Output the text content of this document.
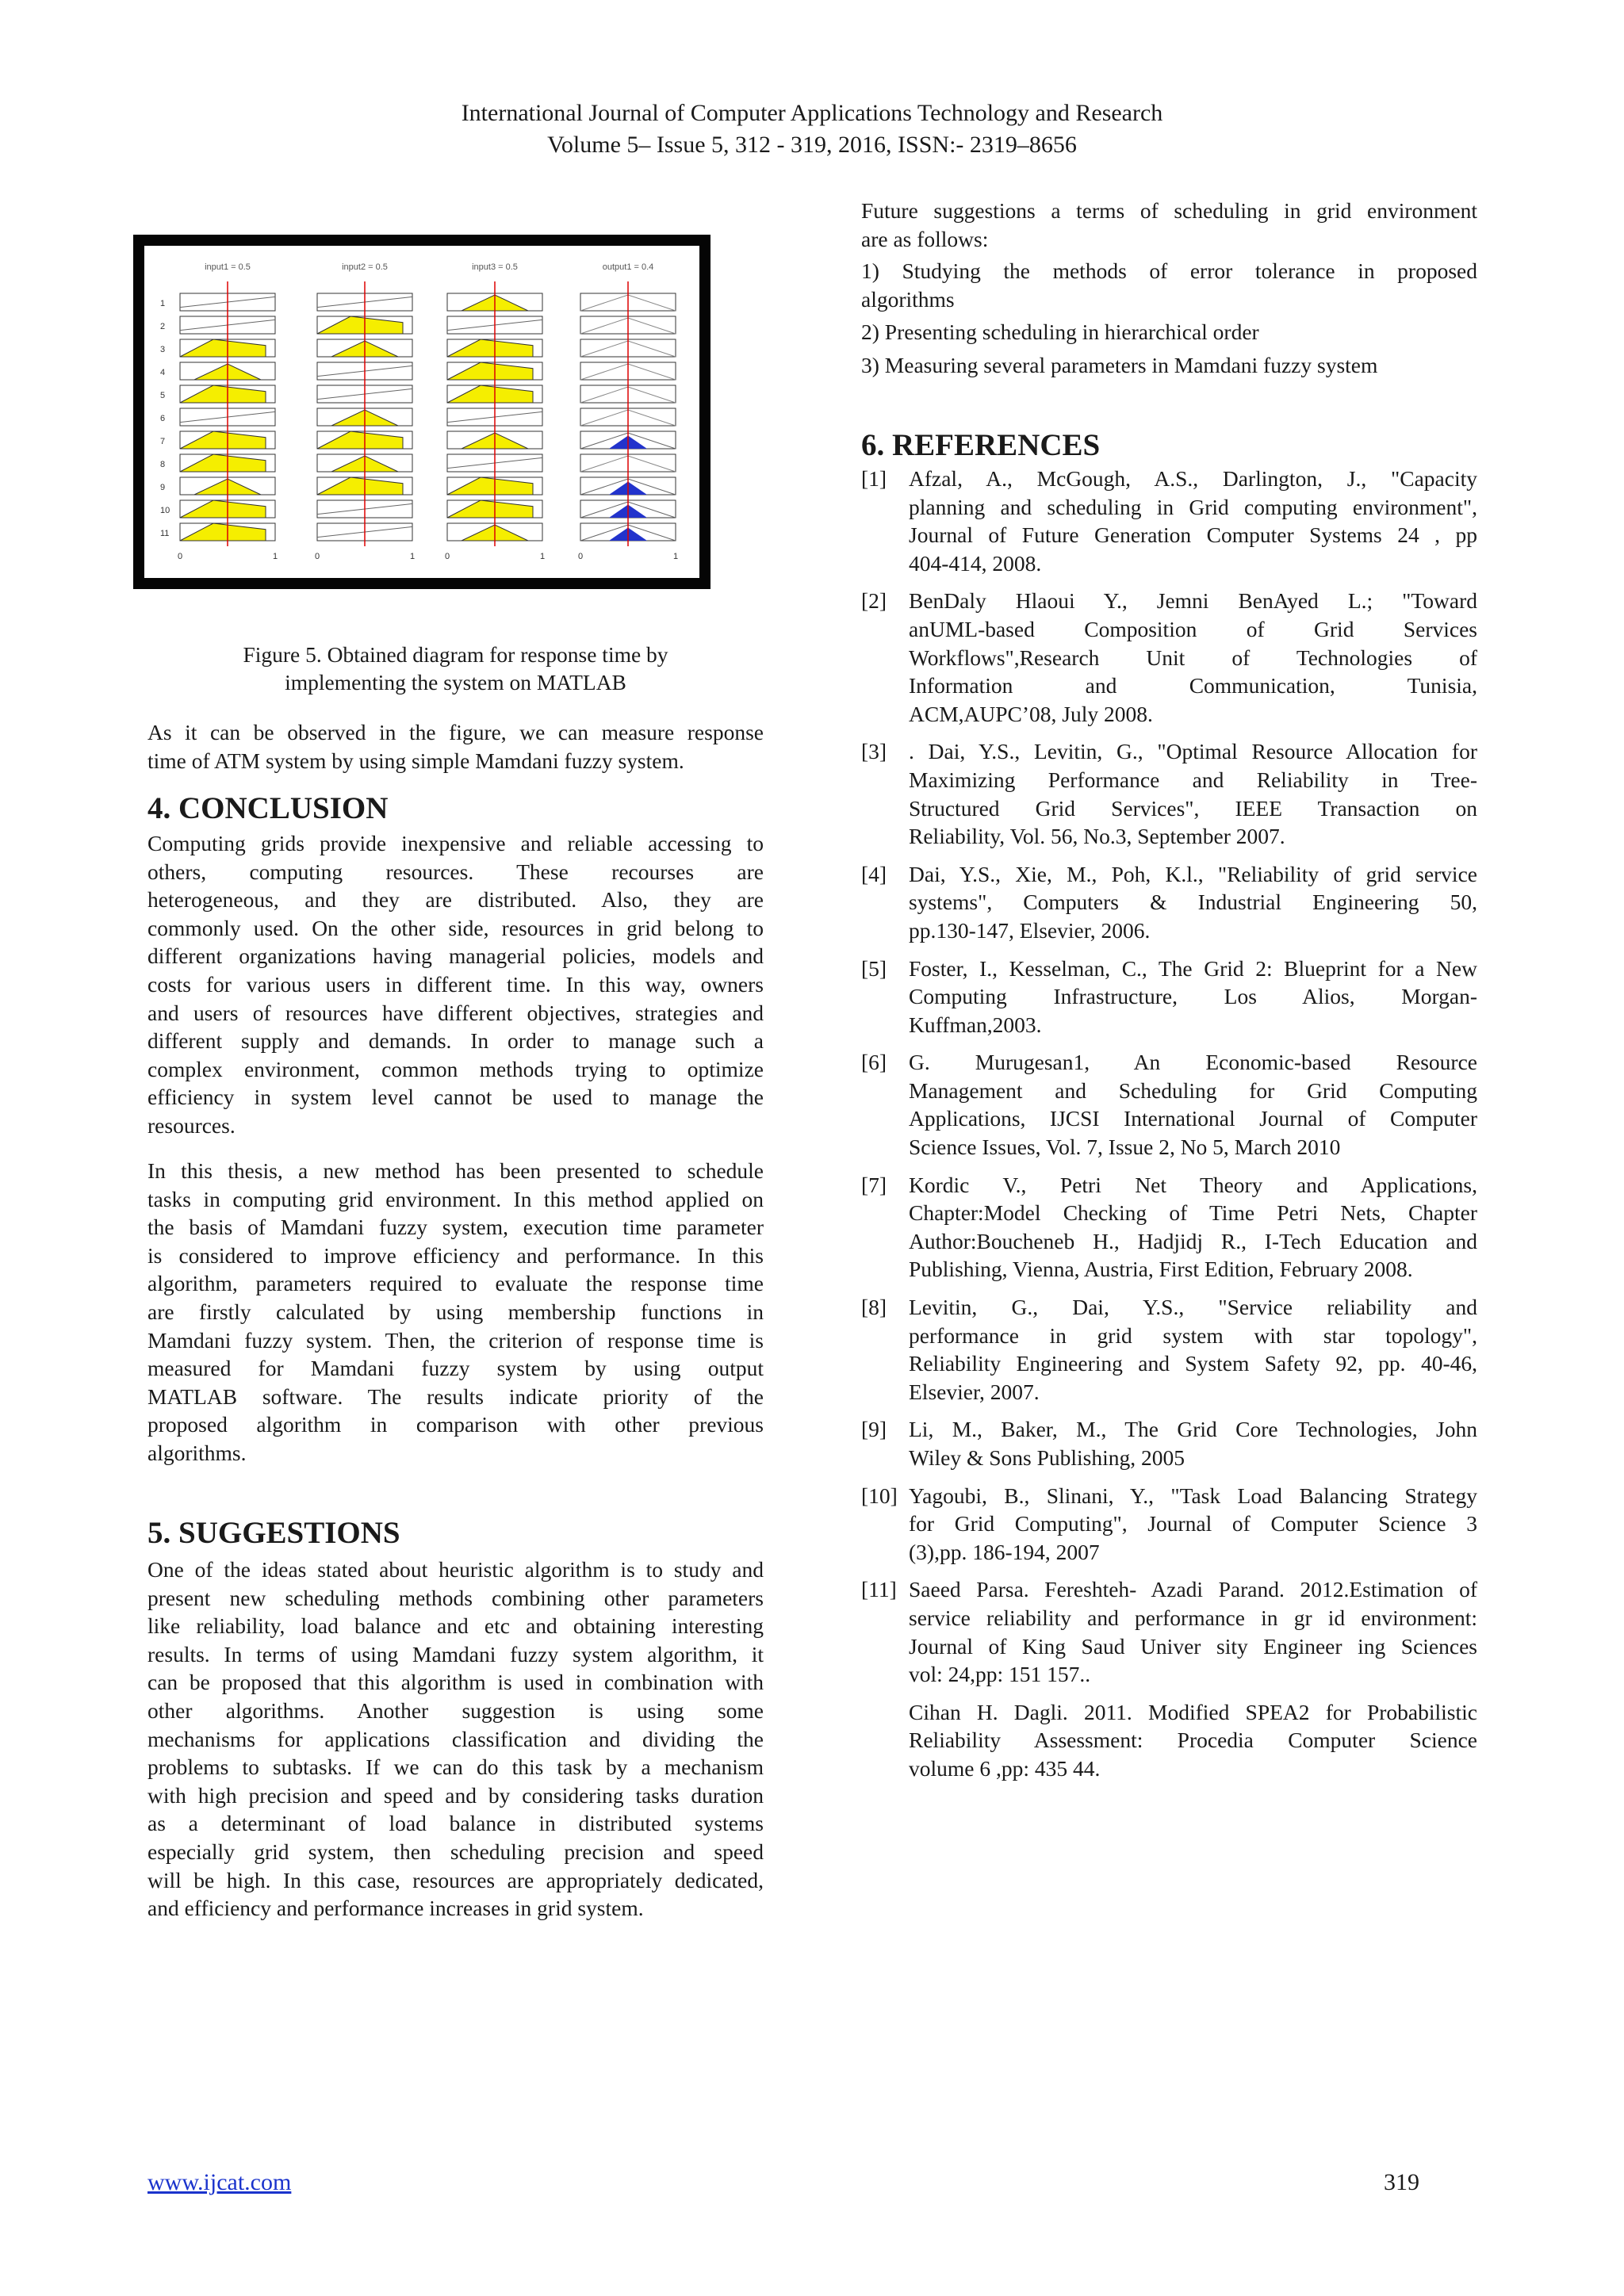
International Journal of Computer Applications Technology and Research
Volume 5– Issue 5, 312 - 319, 2016, ISSN:- 2319–8656
input1 = 0.5	input2 = 0.5	input3 = 0.5	output1 = 0.4
1
2
3
4
5
6
7
8
9
10
11
0	1	0	1	0	1	0	1

Figure 5. Obtained diagram for response time by

implementing the system on MATLAB

As it can be observed in the figure, we can measure response

time of ATM system by using simple Mamdani fuzzy system.

4. CONCLUSION

Computing grids provide inexpensive and reliable accessing to

others, computing resources. These recourses are

heterogeneous, and they are distributed. Also, they are

commonly used. On the other side, resources in grid belong to

different organizations having managerial policies, models and

costs for various users in different time. In this way, owners

and users of resources have different objectives, strategies and

different supply and demands. In order to manage such a

complex environment, common methods trying to optimize

efficiency in system level cannot be used to manage the

resources.

In this thesis, a new method has been presented to schedule

tasks in computing grid environment. In this method applied on

the basis of Mamdani fuzzy system, execution time parameter

is considered to improve efficiency and performance. In this

algorithm, parameters required to evaluate the response time

are firstly calculated by using membership functions in

Mamdani fuzzy system. Then, the criterion of response time is

measured for Mamdani fuzzy system by using output

MATLAB software. The results indicate priority of the

proposed algorithm in comparison with other previous

algorithms.

5. SUGGESTIONS

One of the ideas stated about heuristic algorithm is to study and

present new scheduling methods combining other parameters

like reliability, load balance and etc and obtaining interesting

results. In terms of using Mamdani fuzzy system algorithm, it

can be proposed that this algorithm is used in combination with

other algorithms. Another suggestion is using some

mechanisms for applications classification and dividing the

problems to subtasks. If we can do this task by a mechanism

with high precision and speed and by considering tasks duration

as a determinant of load balance in distributed systems

especially grid system, then scheduling precision and speed

will be high. In this case, resources are appropriately dedicated,

and efficiency and performance increases in grid system.

Future suggestions a terms of scheduling in grid environment

are as follows:

1) Studying the methods of error tolerance in proposed

algorithms

2) Presenting scheduling in hierarchical order

3) Measuring several parameters in Mamdani fuzzy system

6. REFERENCES

[1]	Afzal, A., McGough, A.S., Darlington, J., "Capacity
planning and scheduling in Grid computing environment",
Journal of Future Generation Computer Systems 24 , pp
404-414, 2008.
[2]	BenDaly Hlaoui Y., Jemni BenAyed L.; "Toward
anUML-based Composition of Grid Services
Workflows",Research Unit of Technologies of
Information and Communication, Tunisia,
ACM,AUPC’08, July 2008.
[3]	. Dai, Y.S., Levitin, G., "Optimal Resource Allocation for
Maximizing Performance and Reliability in Tree-
Structured Grid Services", IEEE Transaction on
Reliability, Vol. 56, No.3, September 2007.
[4]	Dai, Y.S., Xie, M., Poh, K.l., "Reliability of grid service
systems", Computers & Industrial Engineering 50,
pp.130-147, Elsevier, 2006.
[5]	Foster, I., Kesselman, C., The Grid 2: Blueprint for a New
Computing Infrastructure, Los Alios, Morgan-
Kuffman,2003.
[6]	G. Murugesan1, An Economic-based Resource
Management and Scheduling for Grid Computing
Applications, IJCSI International Journal of Computer
Science Issues, Vol. 7, Issue 2, No 5, March 2010
[7]	Kordic V., Petri Net Theory and Applications,
Chapter:Model Checking of Time Petri Nets, Chapter
Author:Boucheneb H., Hadjidj R., I-Tech Education and
Publishing, Vienna, Austria, First Edition, February 2008.
[8]	Levitin, G., Dai, Y.S., "Service reliability and
performance in grid system with star topology",
Reliability Engineering and System Safety 92, pp. 40-46,
Elsevier, 2007.
[9]	Li, M., Baker, M., The Grid Core Technologies, John
Wiley & Sons Publishing, 2005
[10] Yagoubi, B., Slinani, Y., "Task Load Balancing Strategy
for Grid Computing", Journal of Computer Science 3
(3),pp. 186-194, 2007
[11] Saeed Parsa. Fereshteh- Azadi Parand. 2012.Estimation of
service reliability and performance in gr id environment:
Journal of King Saud Univer sity Engineer ing Sciences
vol: 24,pp: 151 157..
Cihan H. Dagli. 2011. Modified SPEA2 for Probabilistic
Reliability Assessment: Procedia Computer Science
volume 6 ,pp: 435 44.
www.ijcat.com	319
